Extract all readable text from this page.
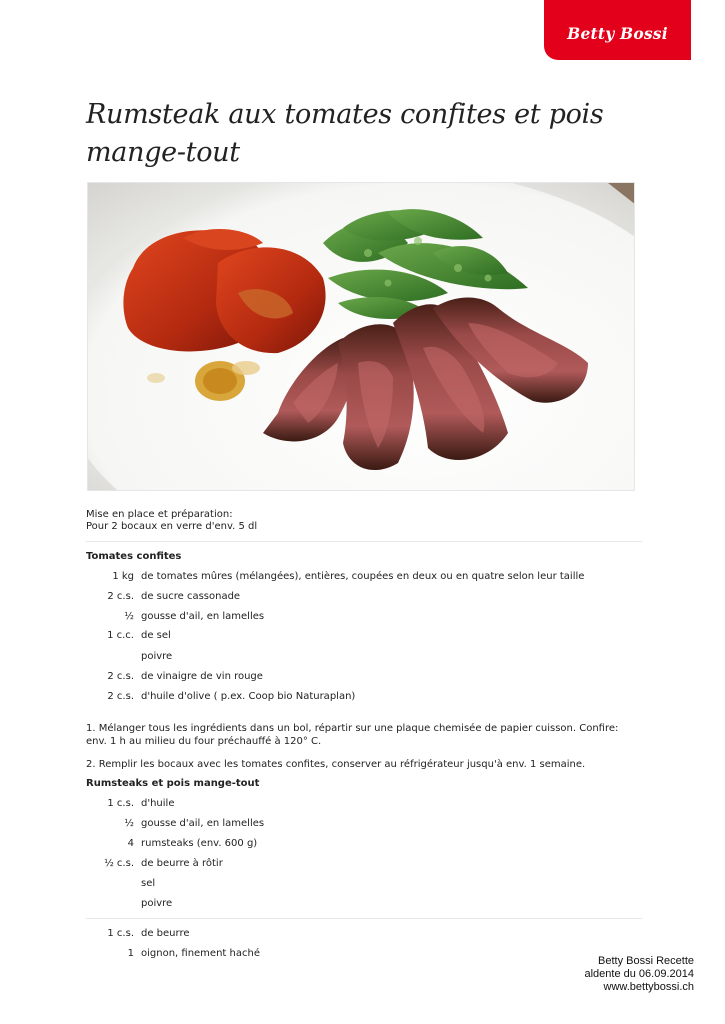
Betty Bossi
Rumsteak aux tomates confites et pois mange-tout
Mise en place et préparation:
Pour 2 bocaux en verre d'env. 5 dl
Tomates confites
1 kg de tomates mûres (mélangées), entières, coupées en deux ou en quatre selon leur taille
2 c.s. de sucre cassonade
½ gousse d'ail, en lamelles
1 c.c. de sel
poivre
2 c.s. de vinaigre de vin rouge
2 c.s. d'huile d'olive ( p.ex. Coop bio Naturaplan)

1. Mélanger tous les ingrédients dans un bol, répartir sur une plaque chemisée de papier cuisson. Confire: env. 1 h au milieu du four préchauffé à 120° C.

2. Remplir les bocaux avec les tomates confites, conserver au réfrigérateur jusqu'à env. 1 semaine.

Rumsteaks et pois mange-tout
1 c.s. d'huile
½ gousse d'ail, en lamelles
4 rumsteaks (env. 600 g)
½ c.s. de beurre à rôtir
sel
poivre
1 c.s. de beurre
1 oignon, finement haché
Betty Bossi Recette
aldente du 06.09.2014
www.bettybossi.ch
